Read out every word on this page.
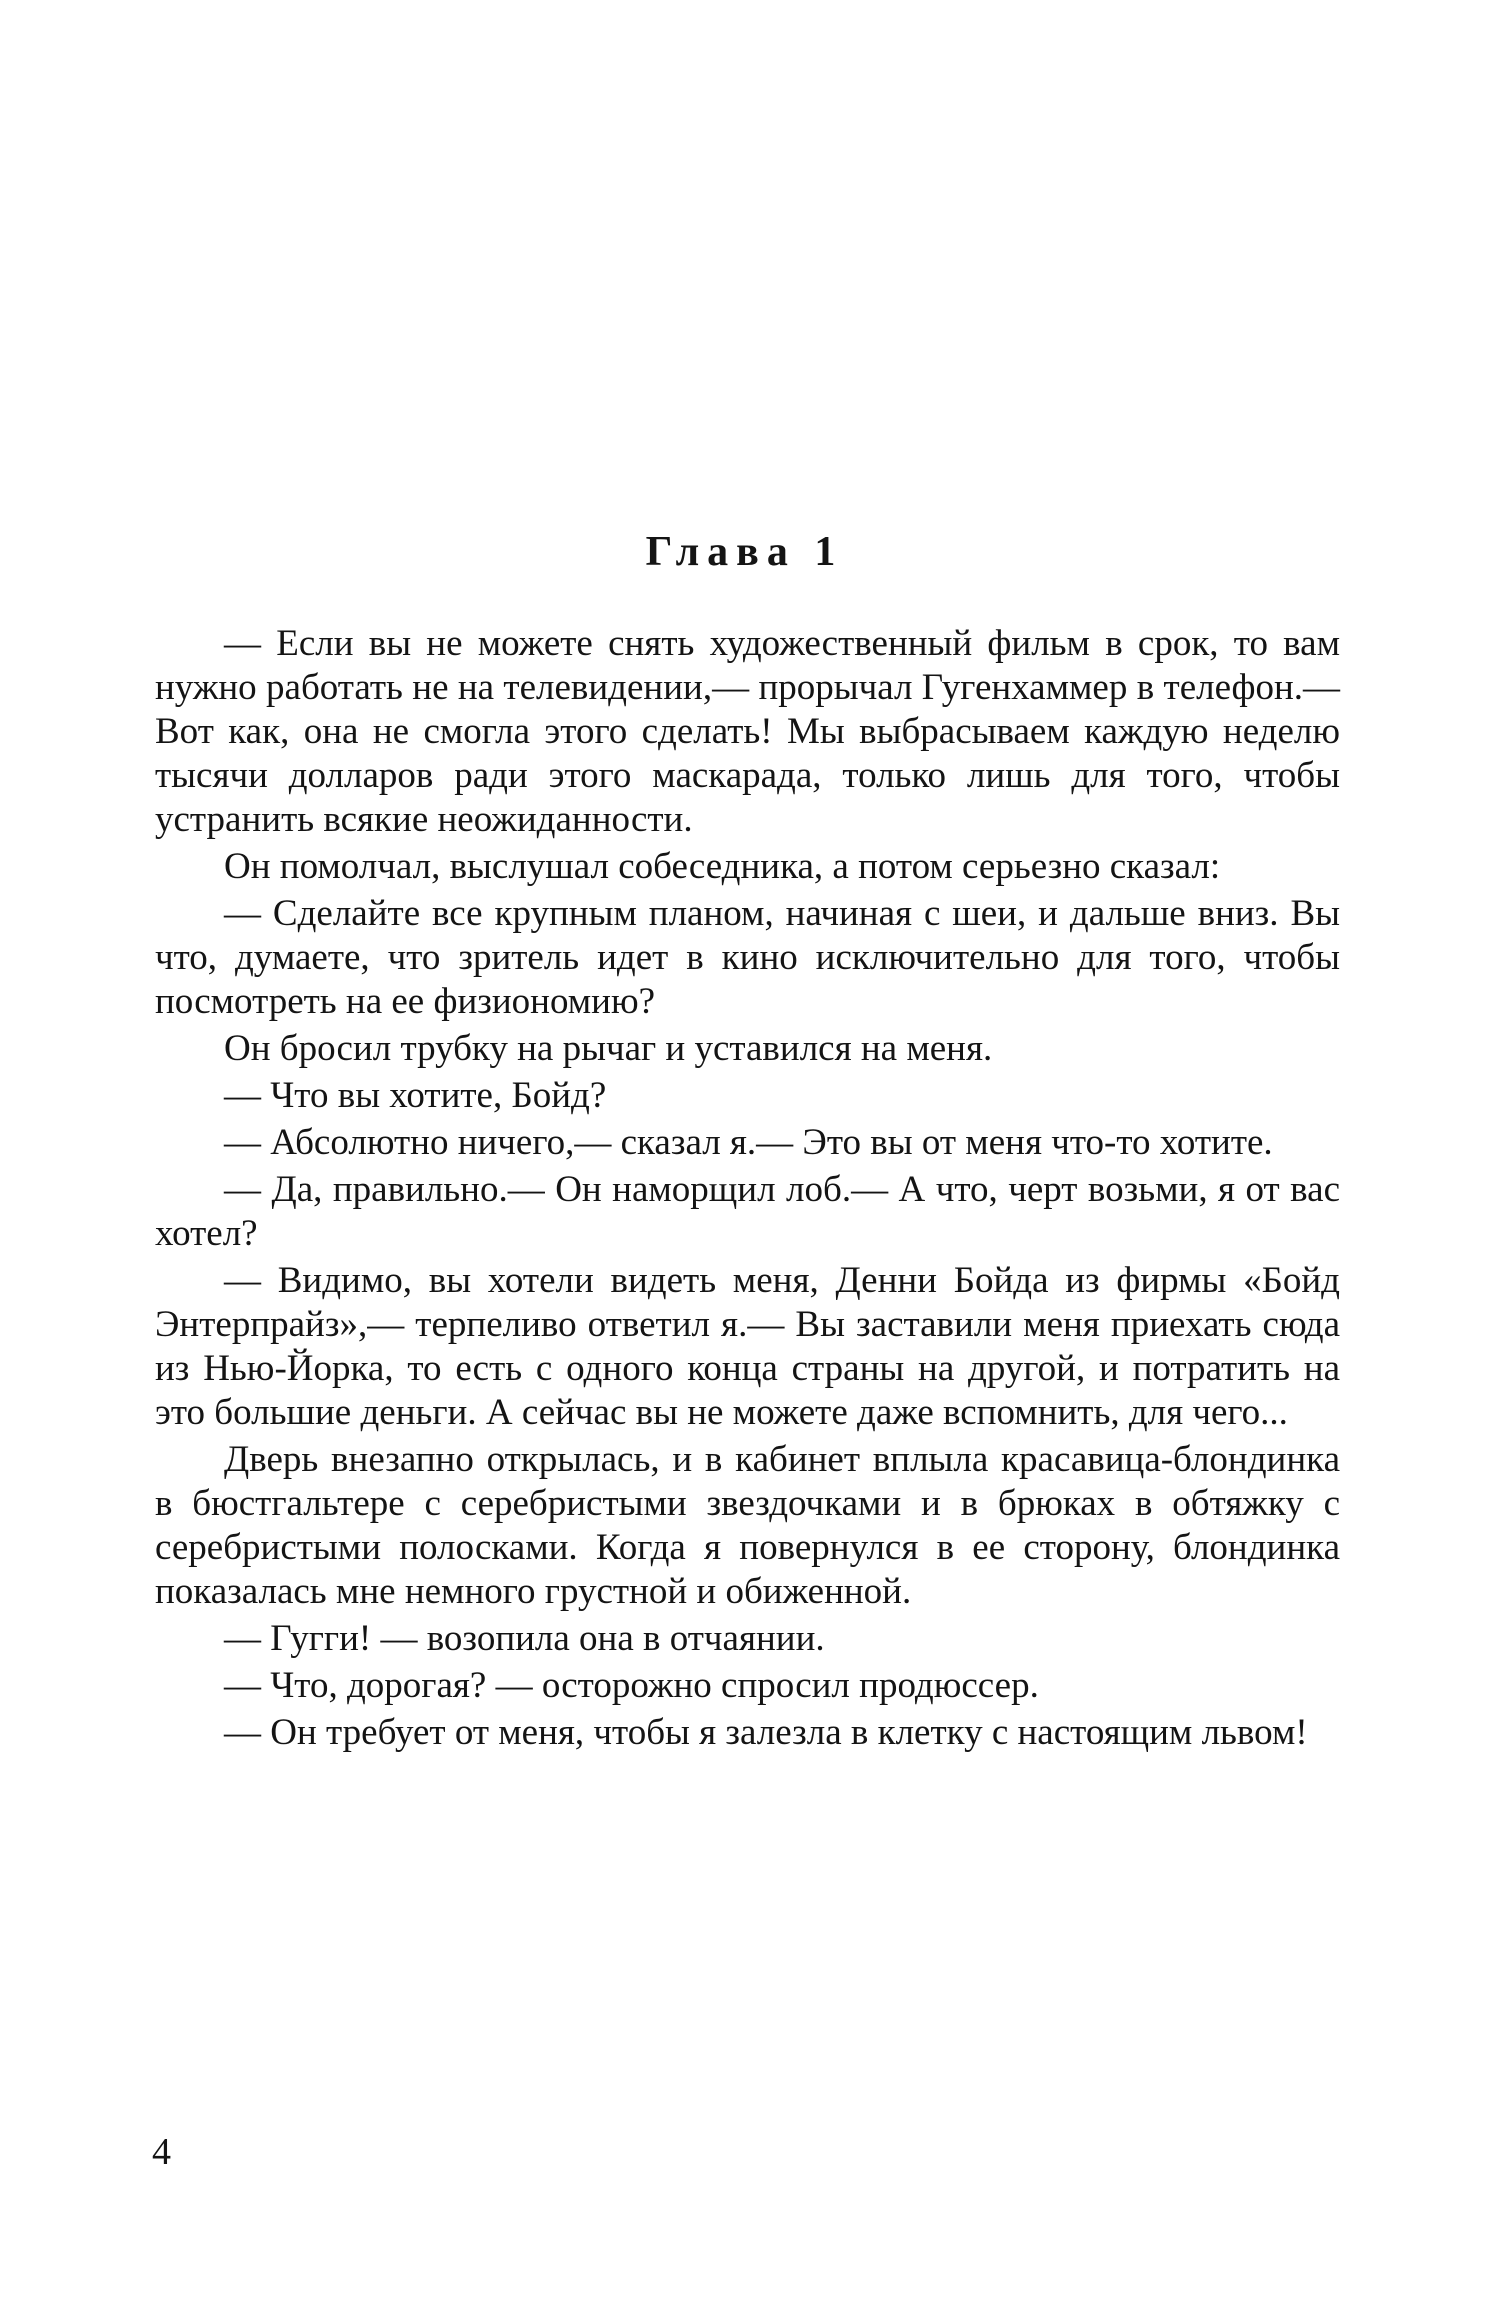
Глава 1

— Если вы не можете снять художественный фильм в срок, то вам нужно работать не на телевидении,— прорычал Гугенхаммер в телефон.— Вот как, она не смогла этого сделать! Мы выбрасываем каждую неделю тысячи долларов ради этого маскарада, только лишь для того, чтобы устранить всякие неожиданности.

Он помолчал, выслушал собеседника, а потом серьезно сказал:

— Сделайте все крупным планом, начиная с шеи, и дальше вниз. Вы что, думаете, что зритель идет в кино исключительно для того, чтобы посмотреть на ее физиономию?

Он бросил трубку на рычаг и уставился на меня.

— Что вы хотите, Бойд?

— Абсолютно ничего,— сказал я.— Это вы от меня что-то хотите.

— Да, правильно.— Он наморщил лоб.— А что, черт возьми, я от вас хотел?

— Видимо, вы хотели видеть меня, Денни Бойда из фирмы «Бойд Энтерпрайз»,— терпеливо ответил я.— Вы заставили меня приехать сюда из Нью-Йорка, то есть с одного конца страны на другой, и потратить на это большие деньги. А сейчас вы не можете даже вспомнить, для чего...

Дверь внезапно открылась, и в кабинет вплыла красавица-блондинка в бюстгальтере с серебристыми звездочками и в брюках в обтяжку с серебристыми полосками. Когда я повернулся в ее сторону, блондинка показалась мне немного грустной и обиженной.

— Гугги! — возопила она в отчаянии.

— Что, дорогая? — осторожно спросил продюссер.

— Он требует от меня, чтобы я залезла в клетку с настоящим львом!

4
